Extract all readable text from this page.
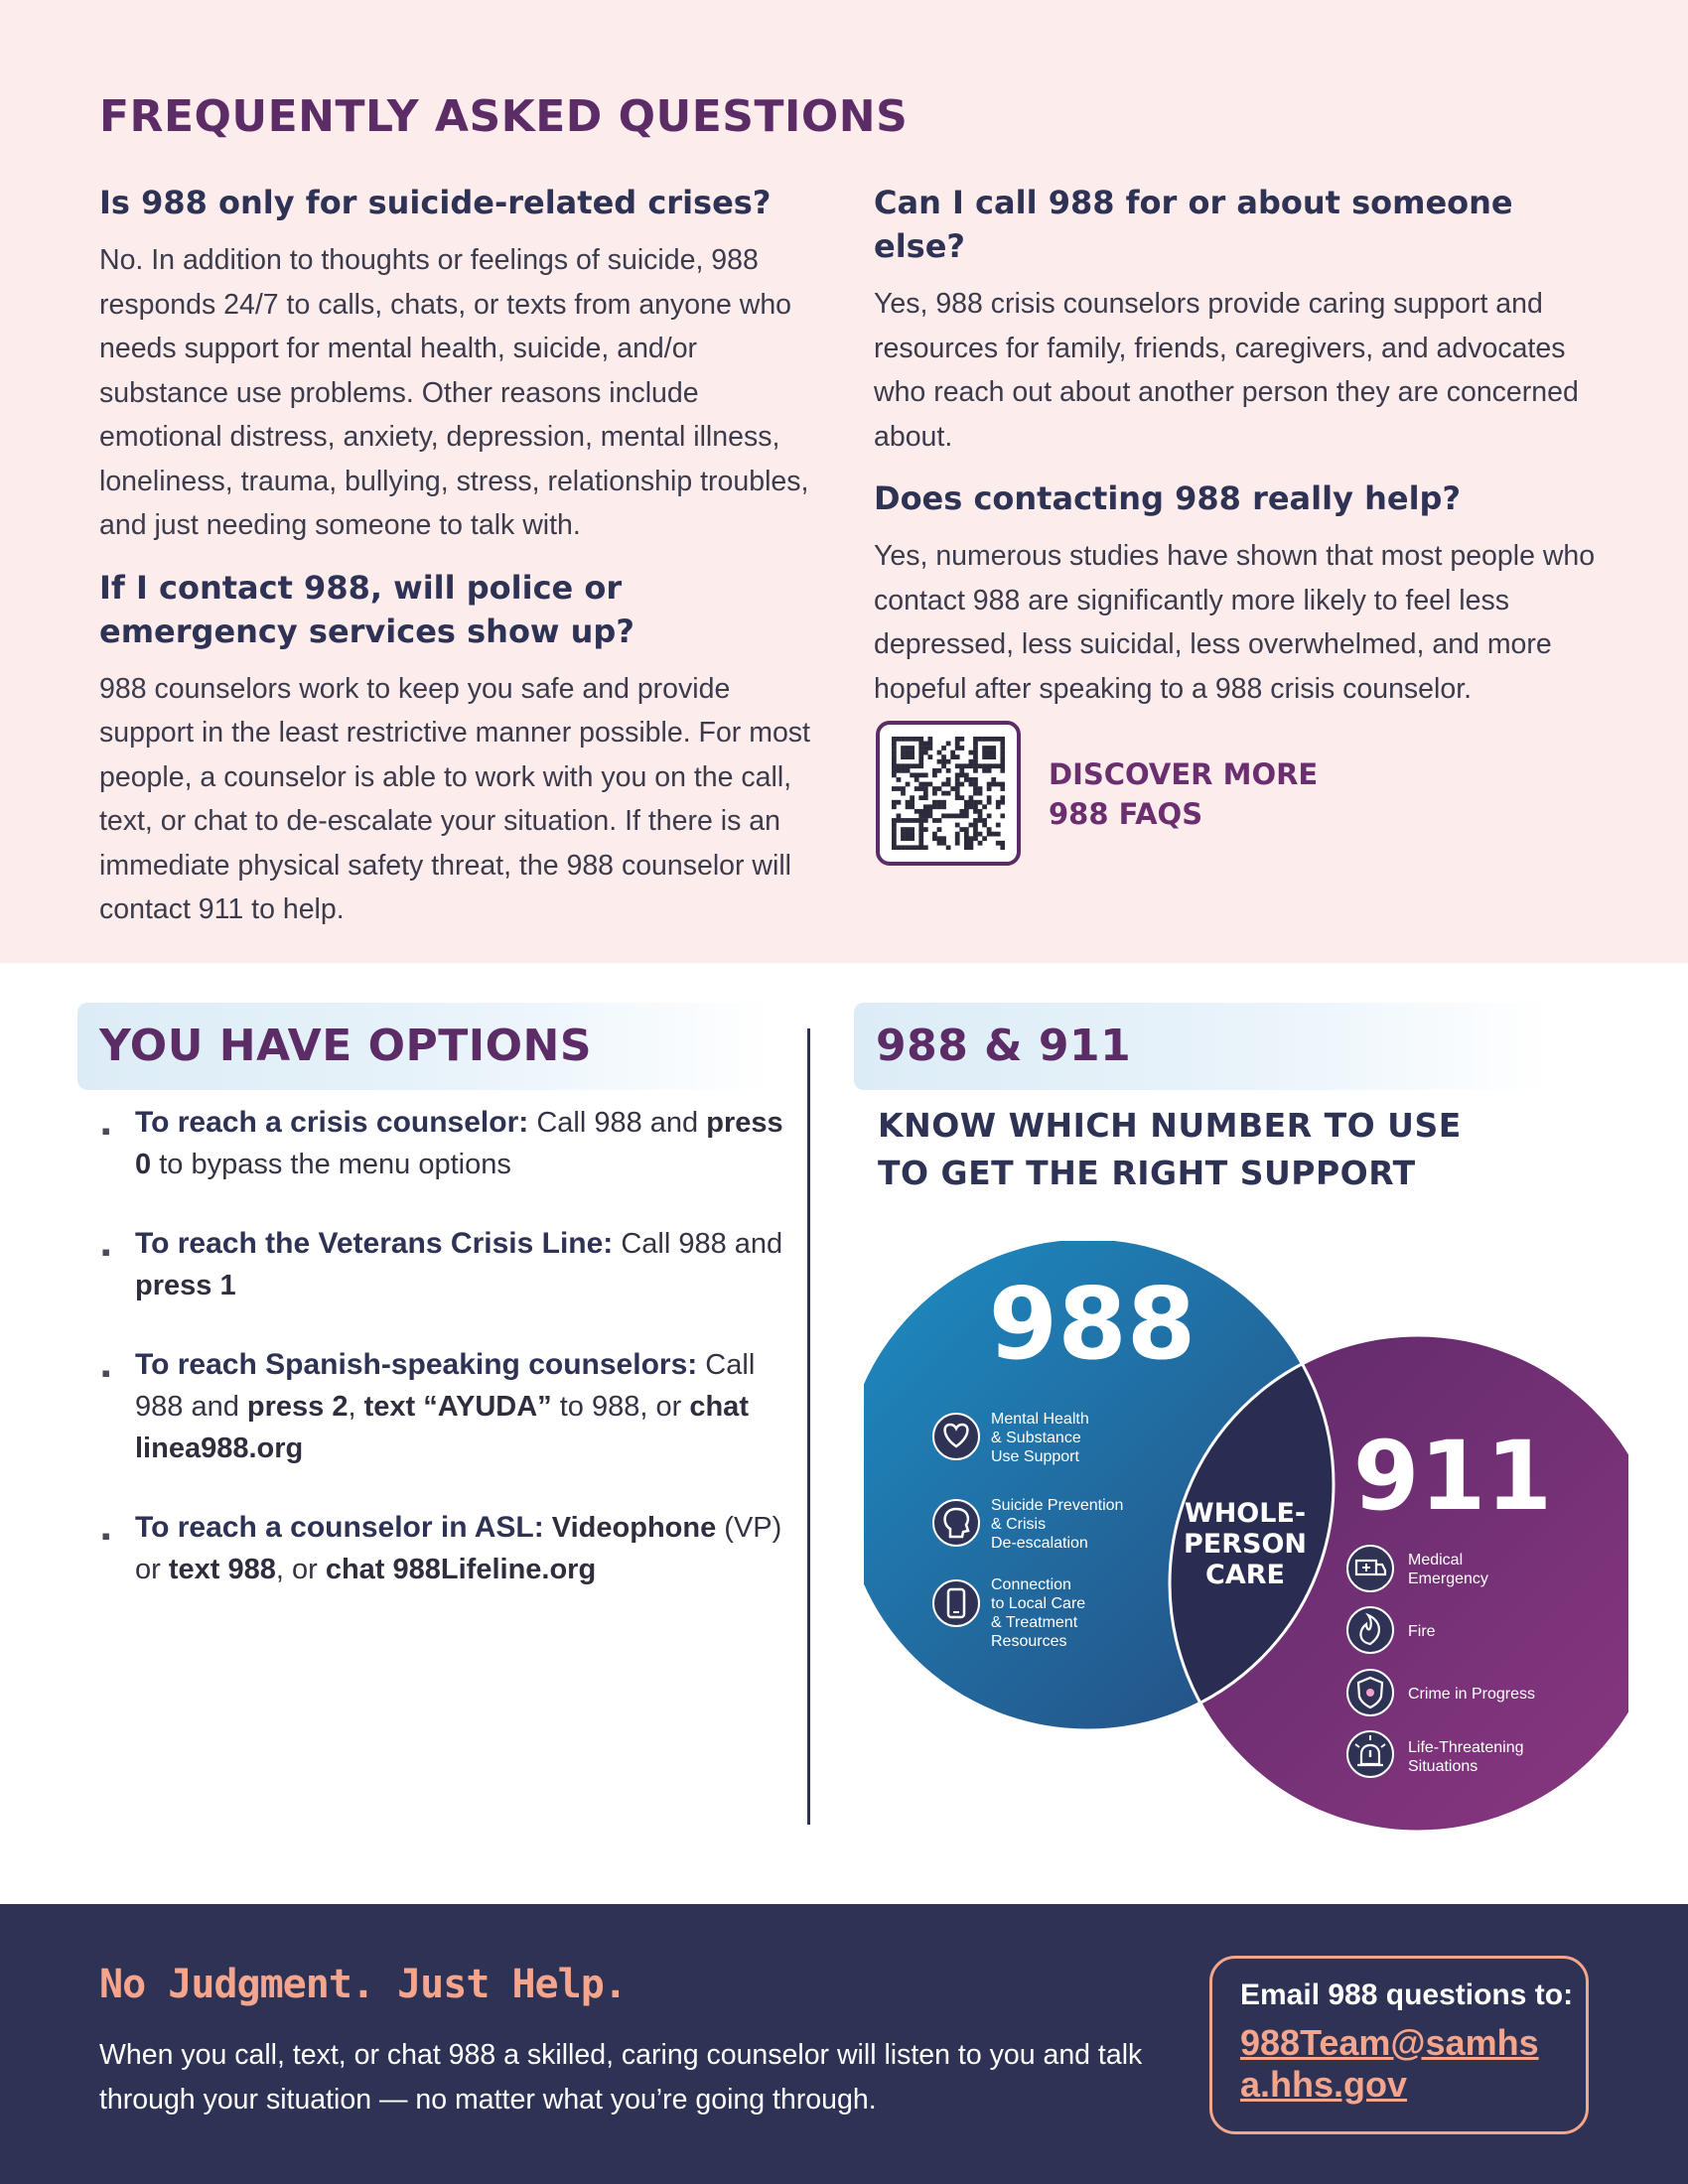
FREQUENTLY ASKED QUESTIONS
Is 988 only for suicide-related crises?

No. In addition to thoughts or feelings of suicide, 988 responds 24/7 to calls, chats, or texts from anyone who needs support for mental health, suicide, and/or substance use problems. Other reasons include emotional distress, anxiety, depression, mental illness, loneliness, trauma, bullying, stress, relationship troubles, and just needing someone to talk with.

If I contact 988, will police or emergency services show up?

988 counselors work to keep you safe and provide support in the least restrictive manner possible. For most people, a counselor is able to work with you on the call, text, or chat to de-escalate your situation. If there is an immediate physical safety threat, the 988 counselor will contact 911 to help.

Can I call 988 for or about someone else?

Yes, 988 crisis counselors provide caring support and resources for family, friends, caregivers, and advocates who reach out about another person they are concerned about.

Does contacting 988 really help?

Yes, numerous studies have shown that most people who contact 988 are significantly more likely to feel less depressed, less suicidal, less overwhelmed, and more hopeful after speaking to a 988 crisis counselor.

DISCOVER MORE
988 FAQS

YOU HAVE OPTIONS
▪ To reach a crisis counselor: Call 988 and press 0 to bypass the menu options
▪ To reach the Veterans Crisis Line: Call 988 and press 1
▪ To reach Spanish-speaking counselors: Call 988 and press 2, text “AYUDA” to 988, or chat linea988.org
▪ To reach a counselor in ASL: Videophone (VP) or text 988, or chat 988Lifeline.org
988 & 911

KNOW WHICH NUMBER TO USE
TO GET THE RIGHT SUPPORT

988
911
WHOLE-
PERSON
CARE
Mental Health
& Substance
Use Support
Suicide Prevention
& Crisis
De-escalation
Connection
to Local Care
& Treatment
Resources
Medical
Emergency
Fire
Crime in Progress
Life-Threatening
Situations
No Judgment. Just Help.

When you call, text, or chat 988 a skilled, caring counselor will listen to you and talk through your situation — no matter what you’re going through.

Email 988 questions to:

988Team@samhsa.hhs.gov
